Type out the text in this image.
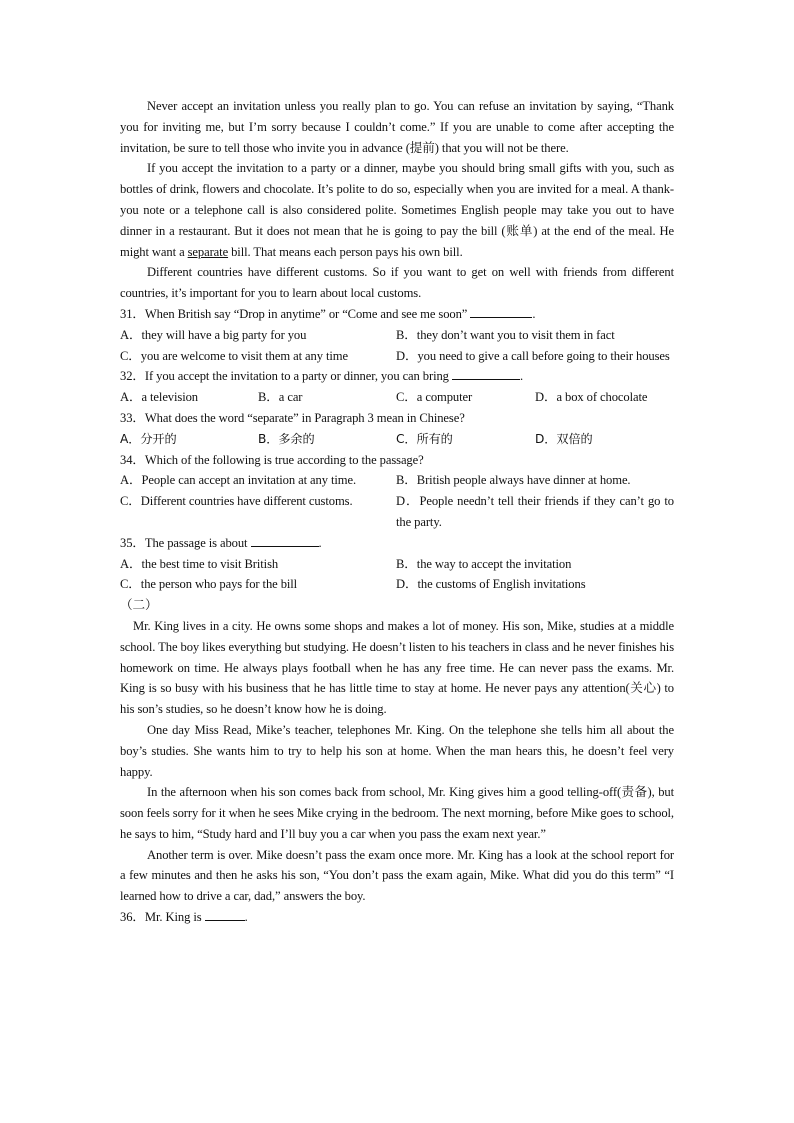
Never accept an invitation unless you really plan to go. You can refuse an invitation by saying, “Thank you for inviting me, but I’m sorry because I couldn’t come.” If you are unable to come after accepting the invitation, be sure to tell those who invite you in advance (提前) that you will not be there.

If you accept the invitation to a party or a dinner, maybe you should bring small gifts with you, such as bottles of drink, flowers and chocolate. It’s polite to do so, especially when you are invited for a meal. A thank-you note or a telephone call is also considered polite. Sometimes English people may take you out to have dinner in a restaurant. But it does not mean that he is going to pay the bill (账单) at the end of the meal. He might want a separate bill. That means each person pays his own bill.

Different countries have different customs. So if you want to get on well with friends from different countries, it’s important for you to learn about local customs.

31．When British say “Drop in anytime” or “Come and see me soon”	.

A．they will have a big party for you	B．they don’t want you to visit them in fact
C．you are welcome to visit them at any time	D．you need to give a call before going to their houses

32．If you accept the invitation to a party or dinner, you can bring	.

A．a television	B．a car	C．a computer	D．a box of chocolate

33．What does the word “separate” in Paragraph 3 mean in Chinese?

A．分开的	B．多余的	C．所有的	D．双倍的

34．Which of the following is true according to the passage?

A．People can accept an invitation at any time.	B．British people always have dinner at home.
C．Different countries have different customs.	D．People needn’t tell their friends if they can’t go to the party.

35．The passage is about	.

A．the best time to visit British	B．the way to accept the invitation
C．the person who pays for the bill	D．the customs of English invitations

（二）

Mr. King lives in a city. He owns some shops and makes a lot of money. His son, Mike, studies at a middle school. The boy likes everything but studying. He doesn’t listen to his teachers in class and he never finishes his homework on time. He always plays football when he has any free time. He can never pass the exams. Mr. King is so busy with his business that he has little time to stay at home. He never pays any attention(关心) to his son’s studies, so he doesn’t know how he is doing.

One day Miss Read, Mike’s teacher, telephones Mr. King. On the telephone she tells him all about the boy’s studies. She wants him to try to help his son at home. When the man hears this, he doesn’t feel very happy.

In the afternoon when his son comes back from school, Mr. King gives him a good telling-off(责备), but soon feels sorry for it when he sees Mike crying in the bedroom. The next morning, before Mike goes to school, he says to him, “Study hard and I’ll buy you a car when you pass the exam next year.”

Another term is over. Mike doesn’t pass the exam once more. Mr. King has a look at the school report for a few minutes and then he asks his son, “You don’t pass the exam again, Mike. What did you do this term” “I learned how to drive a car, dad,” answers the boy.

36．Mr. King is	.
